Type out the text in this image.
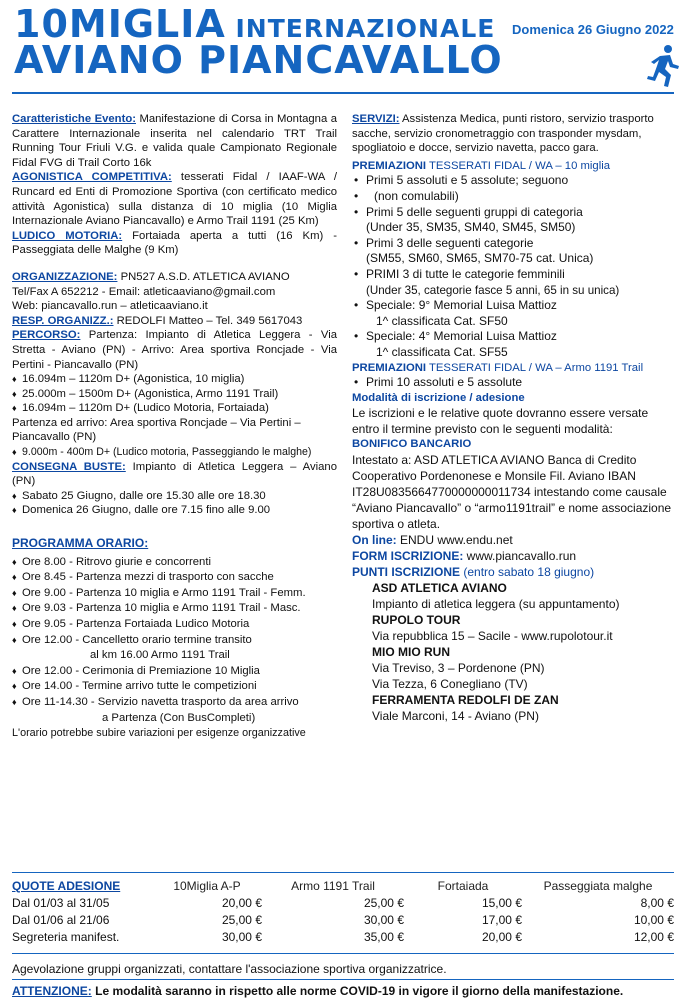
10MIGLIA INTERNAZIONALE
AVIANO PIANCAVALLO
Domenica 26 Giugno 2022

Caratteristiche Evento: Manifestazione di Corsa in Montagna a Carattere Internazionale inserita nel calendario TRT Trail Running Tour Friuli V.G. e valida quale Campionato Regionale Fidal FVG di Trail Corto 16k

AGONISTICA COMPETITIVA: tesserati Fidal / IAAF-WA / Runcard ed Enti di Promozione Sportiva (con certificato medico attività Agonistica) sulla distanza di 10 miglia (10 Miglia Internazionale Aviano Piancavallo) e Armo Trail 1191 (25 Km)

LUDICO MOTORIA: Fortaiada aperta a tutti (16 Km) - Passeggiata delle Malghe (9 Km)

ORGANIZZAZIONE: PN527 A.S.D. ATLETICA AVIANO

Tel/Fax A 652212 - Email: atleticaaviano@gmail.com

Web: piancavallo.run – atleticaaviano.it

RESP. ORGANIZZ.: REDOLFI Matteo – Tel. 349 5617043

PERCORSO: Partenza: Impianto di Atletica Leggera - Via Stretta - Aviano (PN) - Arrivo: Area sportiva Roncjade - Via Pertini - Piancavallo (PN)

♦ 16.094m – 1120m D+ (Agonistica, 10 miglia)

♦ 25.000m – 1500m D+ (Agonistica, Armo 1191 Trail)

♦ 16.094m – 1120m D+ (Ludico Motoria, Fortaiada)

Partenza ed arrivo: Area sportiva Roncjade – Via Pertini – Piancavallo (PN)

♦ 9.000m - 400m D+ (Ludico motoria, Passeggiando le malghe)

CONSEGNA BUSTE: Impianto di Atletica Leggera – Aviano (PN)

♦ Sabato 25 Giugno, dalle ore 15.30 alle ore 18.30

♦ Domenica 26 Giugno, dalle ore 7.15 fino alle 9.00

PROGRAMMA ORARIO:

♦ Ore 8.00 - Ritrovo giurie e concorrenti

♦ Ore 8.45 - Partenza mezzi di trasporto con sacche

♦ Ore 9.00 - Partenza 10 miglia e Armo 1191 Trail - Femm.

♦ Ore 9.03 - Partenza 10 miglia e Armo 1191 Trail - Masc.

♦ Ore 9.05 - Partenza Fortaiada Ludico Motoria

♦ Ore 12.00 - Cancelletto orario termine transito

al km 16.00 Armo 1191 Trail

♦ Ore 12.00 - Cerimonia di Premiazione 10 Miglia

♦ Ore 14.00 - Termine arrivo tutte le competizioni

♦ Ore 11-14.30 - Servizio navetta trasporto da area arrivo

a Partenza (Con BusCompleti)

L'orario potrebbe subire variazioni per esigenze organizzative

SERVIZI: Assistenza Medica, punti ristoro, servizio trasporto sacche, servizio cronometraggio con trasponder mysdam, spogliatoio e docce, servizio navetta, pacco gara.

PREMIAZIONI TESSERATI FIDAL / WA – 10 miglia

• Primi 5 assoluti e 5 assolute; seguono

• (non comulabili)

• Primi 5 delle seguenti gruppi di categoria

(Under 35, SM35, SM40, SM45, SM50)

• Primi 3 delle seguenti categorie

(SM55, SM60, SM65, SM70-75 cat. Unica)

• PRIMI 3 di tutte le categorie femminili

(Under 35, categorie fasce 5 anni, 65 in su unica)

• Speciale: 9° Memorial Luisa Mattioz

1^ classificata Cat. SF50

• Speciale: 4° Memorial Luisa Mattioz

1^ classificata Cat. SF55

PREMIAZIONI TESSERATI FIDAL / WA – Armo 1191 Trail

• Primi 10 assoluti e 5 assolute

Modalità di iscrizione / adesione

Le iscrizioni e le relative quote dovranno essere versate entro il termine previsto con le seguenti modalità:

BONIFICO BANCARIO

Intestato a: ASD ATLETICA AVIANO Banca di Credito Cooperativo Pordenonese e Monsile Fil. Aviano IBAN IT28U0835664770000000011734 intestando come causale “Aviano Piancavallo” o “armo1191trail” e nome associazione sportiva o atleta.

On line: ENDU www.endu.net

FORM ISCRIZIONE: www.piancavallo.run

PUNTI ISCRIZIONE (entro sabato 18 giugno)

ASD ATLETICA AVIANO

Impianto di atletica leggera (su appuntamento)

RUPOLO TOUR

Via repubblica 15 – Sacile - www.rupolotour.it

MIO MIO RUN

Via Treviso, 3 – Pordenone (PN)

Via Tezza, 6 Conegliano (TV)

FERRAMENTA REDOLFI DE ZAN

Viale Marconi, 14 - Aviano (PN)

QUOTE ADESIONE	10Miglia A-P	Armo 1191 Trail	Fortaiada	Passeggiata malghe
Dal 01/03 al 31/05	20,00 €	25,00 €	15,00 €	8,00 €
Dal 01/06 al 21/06	25,00 €	30,00 €	17,00 €	10,00 €
Segreteria manifest.	30,00 €	35,00 €	20,00 €	12,00 €
Agevolazione gruppi organizzati, contattare l'associazione sportiva organizzatrice.
ATTENZIONE: Le modalità saranno in rispetto alle norme COVID-19 in vigore il giorno della manifestazione.
